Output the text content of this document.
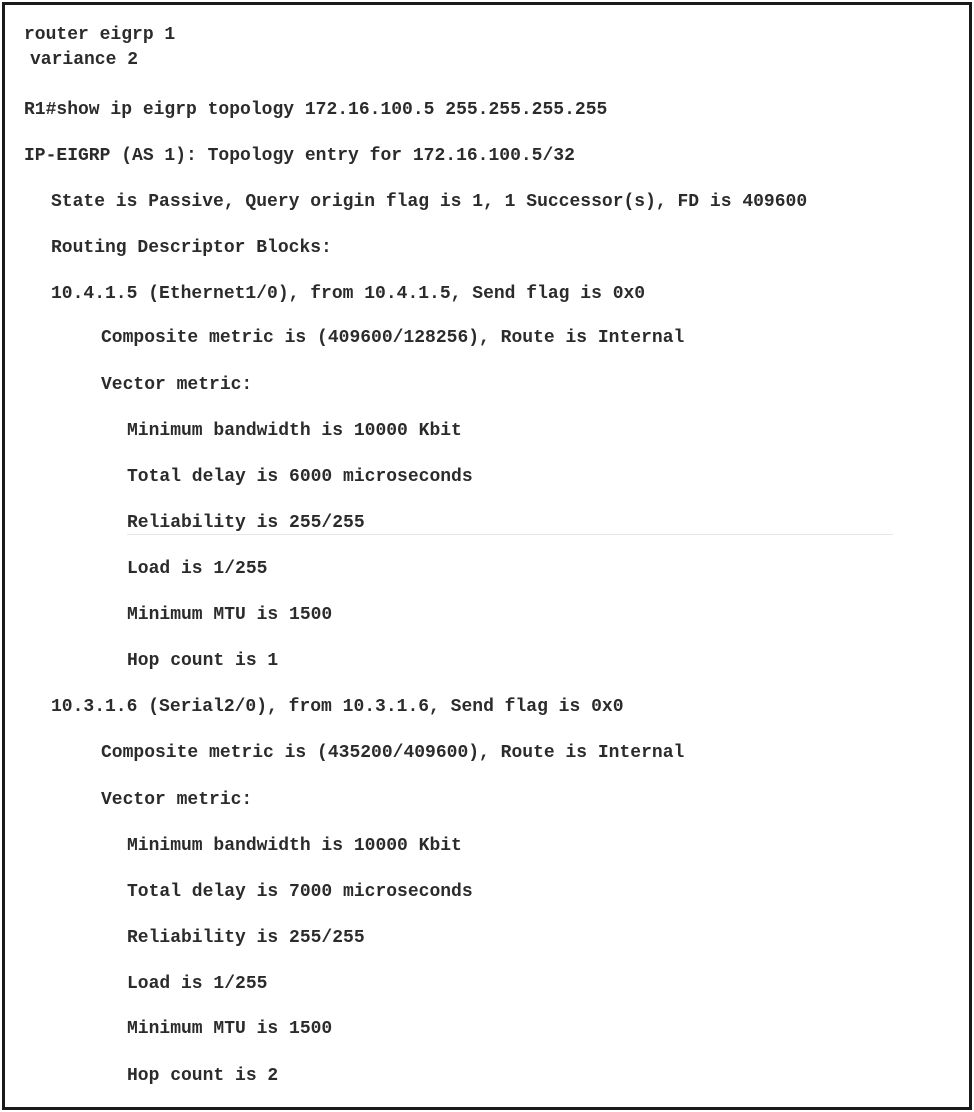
router eigrp 1

variance 2

R1#show ip eigrp topology 172.16.100.5 255.255.255.255

IP-EIGRP (AS 1): Topology entry for 172.16.100.5/32

State is Passive, Query origin flag is 1, 1 Successor(s), FD is 409600

Routing Descriptor Blocks:

10.4.1.5 (Ethernet1/0), from 10.4.1.5, Send flag is 0x0

Composite metric is (409600/128256), Route is Internal

Vector metric:

Minimum bandwidth is 10000 Kbit

Total delay is 6000 microseconds

Reliability is 255/255

Load is 1/255

Minimum MTU is 1500

Hop count is 1

10.3.1.6 (Serial2/0), from 10.3.1.6, Send flag is 0x0

Composite metric is (435200/409600), Route is Internal

Vector metric:

Minimum bandwidth is 10000 Kbit

Total delay is 7000 microseconds

Reliability is 255/255

Load is 1/255

Minimum MTU is 1500

Hop count is 2
